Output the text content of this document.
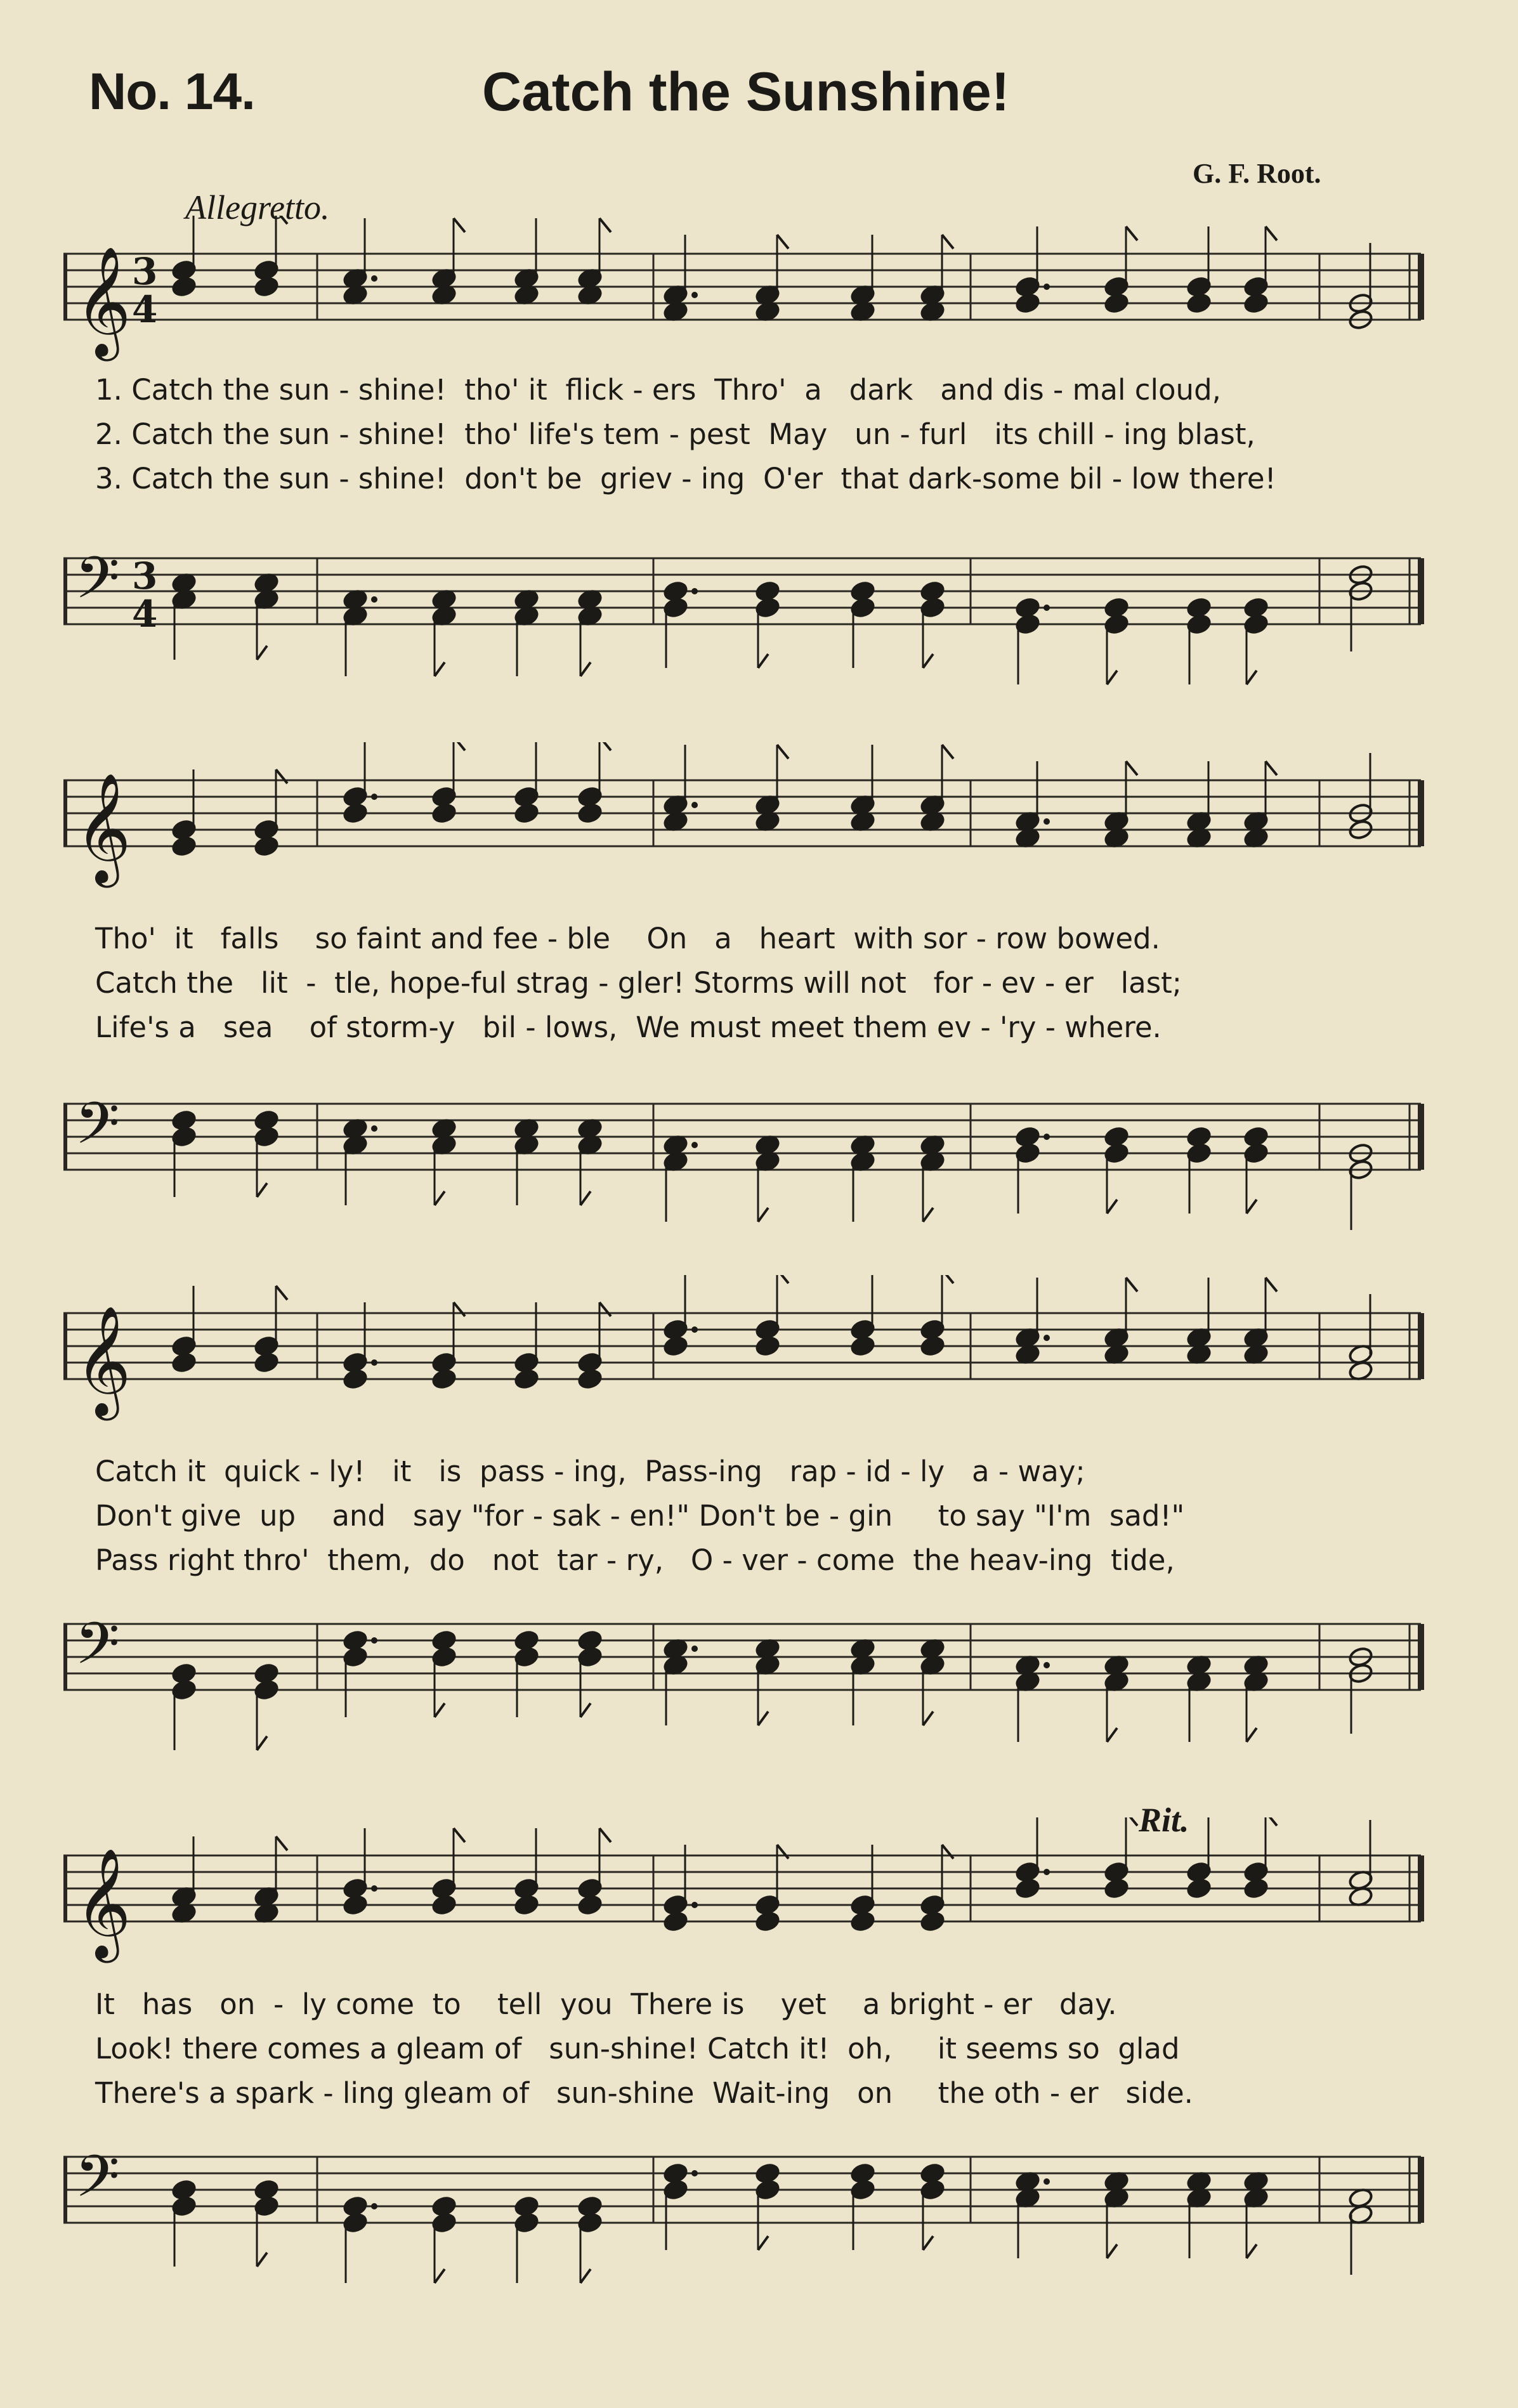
No. 14.	Catch the Sunshine!
G. F. Root.
Allegretto.
Rit.
𝄞 3
4
1. Catch the sun - shine!  tho' it  flick - ers  Thro'  a   dark   and dis - mal cloud,
2. Catch the sun - shine!  tho' life's tem - pest  May   un - furl   its chill - ing blast,
3. Catch the sun - shine!  don't be  griev - ing  O'er  that dark-some bil - low there!
𝄢 3
4
𝄞
Tho'  it   falls    so faint and fee - ble    On   a   heart  with sor - row bowed.
Catch the   lit  -  tle, hope-ful strag - gler! Storms will not   for - ev - er   last;
Life's a   sea    of storm-y   bil - lows,  We must meet them ev - 'ry - where.
𝄢
𝄞
Catch it  quick - ly!   it   is  pass - ing,  Pass-ing   rap - id - ly   a - way;
Don't give  up    and   say "for - sak - en!" Don't be - gin     to say "I'm  sad!"
Pass right thro'  them,  do   not  tar - ry,   O - ver - come  the heav-ing  tide,
𝄢
𝄞
It   has   on  -  ly come  to    tell  you  There is    yet    a bright - er   day.
Look! there comes a gleam of   sun-shine! Catch it!  oh,     it seems so  glad
There's a spark - ling gleam of   sun-shine  Wait-ing   on     the oth - er   side.
𝄢
